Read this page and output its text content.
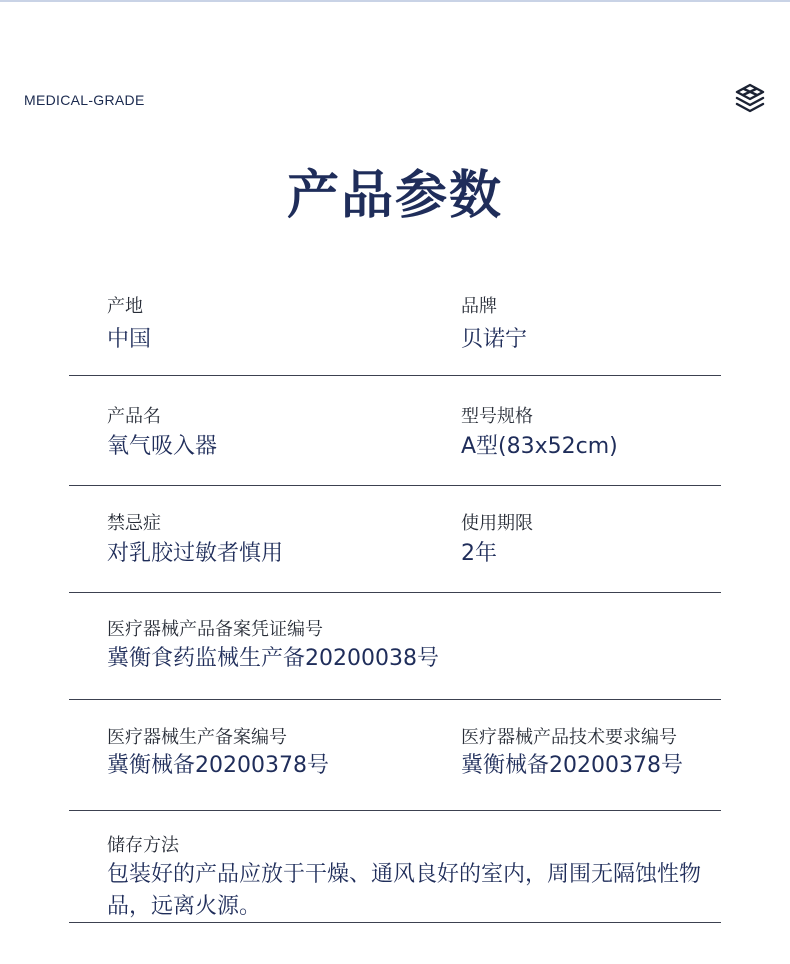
MEDICAL-GRADE
产品参数
产地
中国
品牌
贝诺宁
产品名
氧气吸入器
型号规格
A型(83x52cm)
禁忌症
对乳胶过敏者慎用
使用期限
2年
医疗器械产品备案凭证编号
冀衡食药监械生产备20200038号
医疗器械生产备案编号
冀衡械备20200378号
医疗器械产品技术要求编号
冀衡械备20200378号
储存方法
包装好的产品应放于干燥、通风良好的室内，周围无隔蚀性物品，远离火源。
